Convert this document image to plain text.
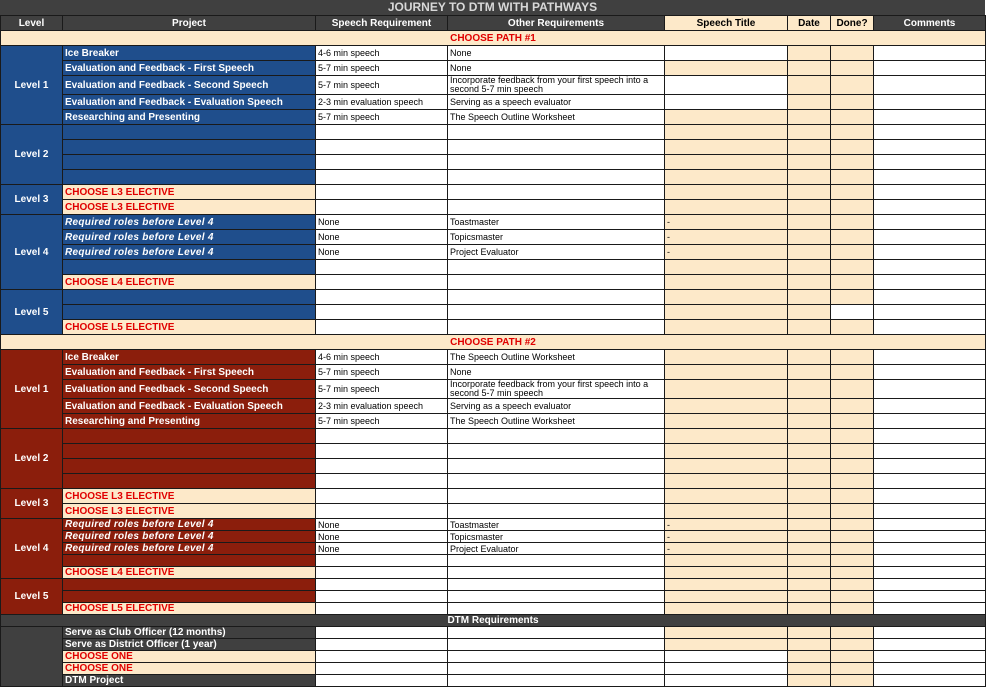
JOURNEY TO DTM WITH PATHWAYS
Level	Project	Speech Requirement	Other Requirements	Speech Title	Date	Done?	Comments
CHOOSE PATH #1							
Level 1	Ice Breaker	4-6 min speech	None				
	Evaluation and Feedback - First Speech	5-7 min speech	None				
	Evaluation and Feedback - Second Speech	5-7 min speech	Incorporate feedback from your first speech into a second 5-7 min speech				
	Evaluation and Feedback - Evaluation Speech	2-3 min evaluation speech	Serving as a speech evaluator				
	Researching and Presenting	5-7 min speech	The Speech Outline Worksheet				
Level 2							

Level 3	CHOOSE L3 ELECTIVE						
	CHOOSE L3 ELECTIVE						
Level 4	Required roles before Level 4	None	Toastmaster	-			
	Required roles before Level 4	None	Topicsmaster	-			
	Required roles before Level 4	None	Project Evaluator	-			

	CHOOSE L4 ELECTIVE						
Level 5							

	CHOOSE L5 ELECTIVE						
CHOOSE PATH #2							
Level 1	Ice Breaker	4-6 min speech	The Speech Outline Worksheet				
	Evaluation and Feedback - First Speech	5-7 min speech	None				
	Evaluation and Feedback - Second Speech	5-7 min speech	Incorporate feedback from your first speech into a second 5-7 min speech				
	Evaluation and Feedback - Evaluation Speech	2-3 min evaluation speech	Serving as a speech evaluator				
	Researching and Presenting	5-7 min speech	The Speech Outline Worksheet				
Level 2							

Level 3	CHOOSE L3 ELECTIVE						
	CHOOSE L3 ELECTIVE						
Level 4	Required roles before Level 4	None	Toastmaster	-			
	Required roles before Level 4	None	Topicsmaster	-			
	Required roles before Level 4	None	Project Evaluator	-			

	CHOOSE L4 ELECTIVE						
Level 5							

	CHOOSE L5 ELECTIVE						
DTM Requirements							
	Serve as Club Officer (12 months)						
	Serve as District Officer (1 year)						
	CHOOSE ONE						
	CHOOSE ONE						
	DTM Project						
